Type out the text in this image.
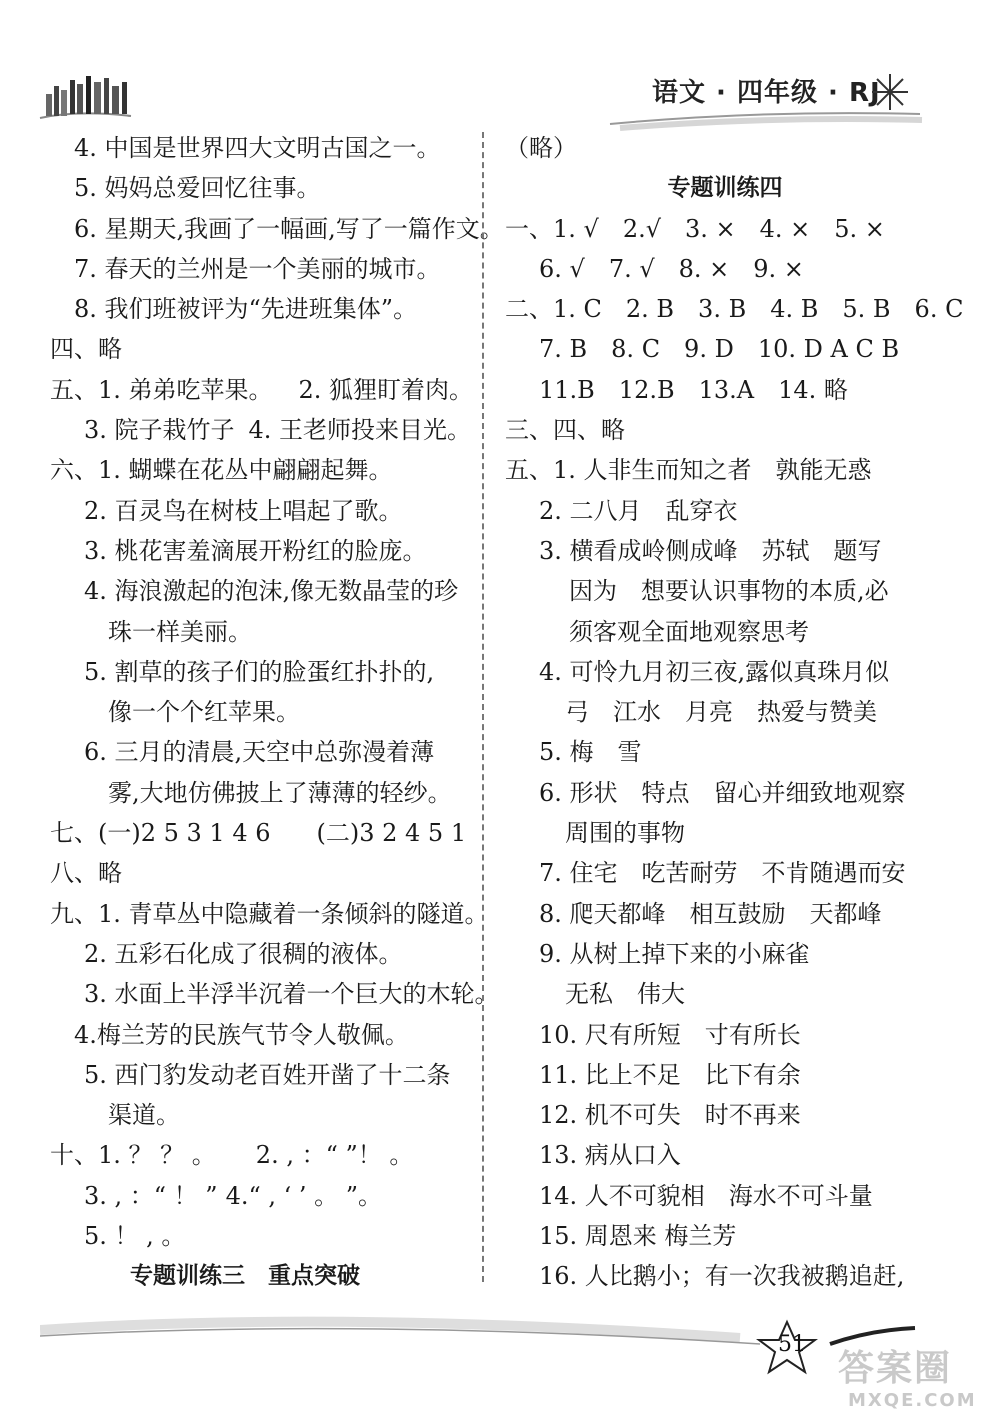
语文 · 四年级 · RJ
4. 中国是世界四大文明古国之一。
5. 妈妈总爱回忆往事。
6. 星期天,我画了一幅画,写了一篇作文。
7. 春天的兰州是一个美丽的城市。
8. 我们班被评为“先进班集体”。
四、略
五、1. 弟弟吃苹果。 2. 狐狸盯着肉。
3. 院子栽竹子 4. 王老师投来目光。
六、1. 蝴蝶在花丛中翩翩起舞。
2. 百灵鸟在树枝上唱起了歌。
3. 桃花害羞滴展开粉红的脸庞。
4. 海浪激起的泡沫,像无数晶莹的珍
珠一样美丽。
5. 割草的孩子们的脸蛋红扑扑的,
像一个个红苹果。
6. 三月的清晨,天空中总弥漫着薄
雾,大地仿佛披上了薄薄的轻纱。
七、(一)2 5 3 1 4 6 (二)3 2 4 5 1
八、略
九、1. 青草丛中隐藏着一条倾斜的隧道。
2. 五彩石化成了很稠的液体。
3. 水面上半浮半沉着一个巨大的木轮。
4.梅兰芳的民族气节令人敬佩。
5. 西门豹发动老百姓开凿了十二条
渠道。
十、1. ？ ？ 。 2. , ：“ ”！ 。
3. , ：“ ！ ” 4.“ , ‘ ’ 。 ”。
5. ！ , 。
专题训练三　重点突破
（略）
专题训练四
一、1. √　2.√　3. ×　4. ×　5. ×
6. √　7. √　8. ×　9. ×
二、1. C　2. B　3. B　4. B　5. B　6. C
7. B　8. C　9. D　10. D A C B
11.B　12.B　13.A　14. 略
三、四、略
五、1. 人非生而知之者　孰能无惑
2. 二八月　乱穿衣
3. 横看成岭侧成峰　苏轼　题写
因为　想要认识事物的本质,必
须客观全面地观察思考
4. 可怜九月初三夜,露似真珠月似
弓　江水　月亮　热爱与赞美
5. 梅　雪
6. 形状　特点　留心并细致地观察
周围的事物
7. 住宅　吃苦耐劳　不肯随遇而安
8. 爬天都峰　相互鼓励　天都峰
9. 从树上掉下来的小麻雀
无私　伟大
10. 尺有所短　寸有所长
11. 比上不足　比下有余
12. 机不可失　时不再来
13. 病从口入
14. 人不可貌相　海水不可斗量
15. 周恩来 梅兰芳
16. 人比鹅小；有一次我被鹅追赶,
51
答案圈
MXQE.COM
